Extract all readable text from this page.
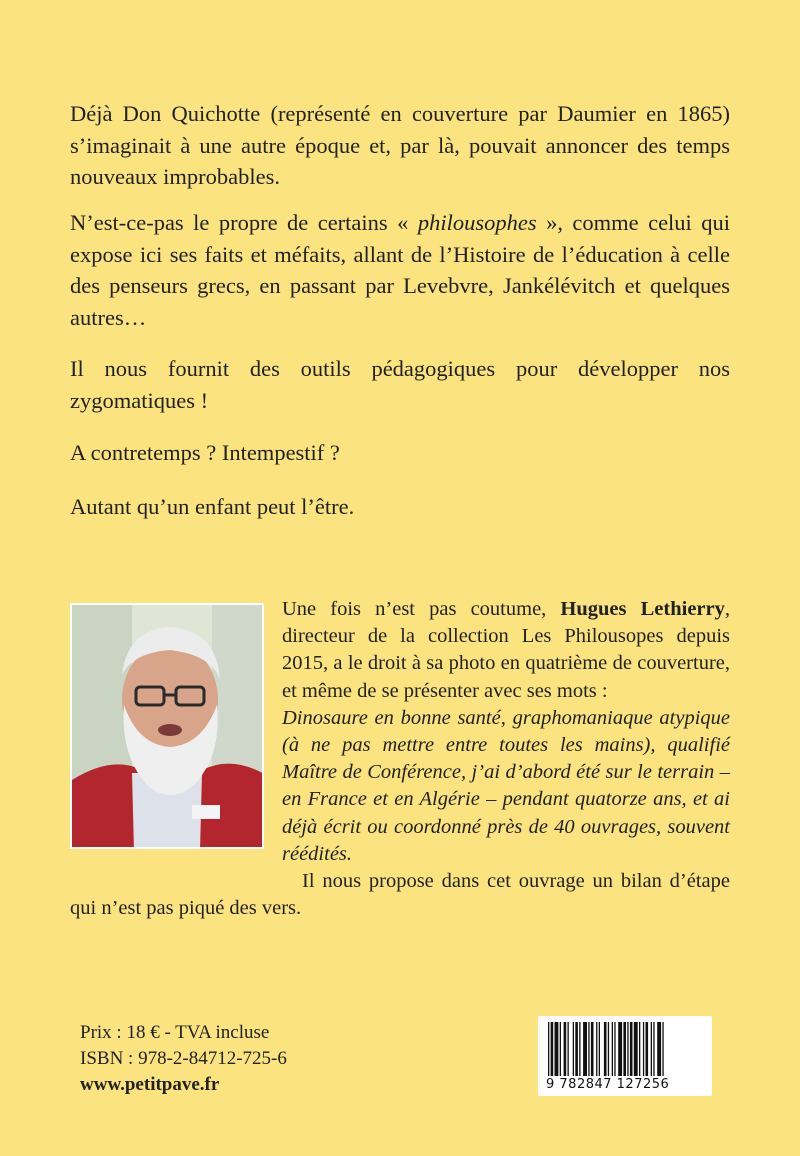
Déjà Don Quichotte (représenté en couverture par Daumier en 1865) s’imaginait à une autre époque et, par là, pouvait annoncer des temps nouveaux improbables.

N’est-ce-pas le propre de certains « philousophes », comme celui qui expose ici ses faits et méfaits, allant de l’Histoire de l’éducation à celle des penseurs grecs, en passant par Levebvre, Jankélévitch et quelques autres…

Il nous fournit des outils pédagogiques pour développer nos zygomatiques !

A contretemps ? Intempestif ?

Autant qu’un enfant peut l’être.

Une fois n’est pas coutume, Hugues Lethierry, directeur de la collection Les Philousopes depuis 2015, a le droit à sa photo en quatrième de couverture, et même de se présenter avec ses mots :
Dinosaure en bonne santé, graphomaniaque atypique (à ne pas mettre entre toutes les mains), qualifié Maître de Conférence, j’ai d’abord été sur le terrain – en France et en Algérie – pendant quatorze ans, et ai déjà écrit ou coordonné près de 40 ouvrages, souvent réédités.
Il nous propose dans cet ouvrage un bilan d’étape qui n’est pas piqué des vers.
Prix : 18 € - TVA incluse
ISBN : 978-2-84712-725-6
www.petitpave.fr	9 782847 127256
